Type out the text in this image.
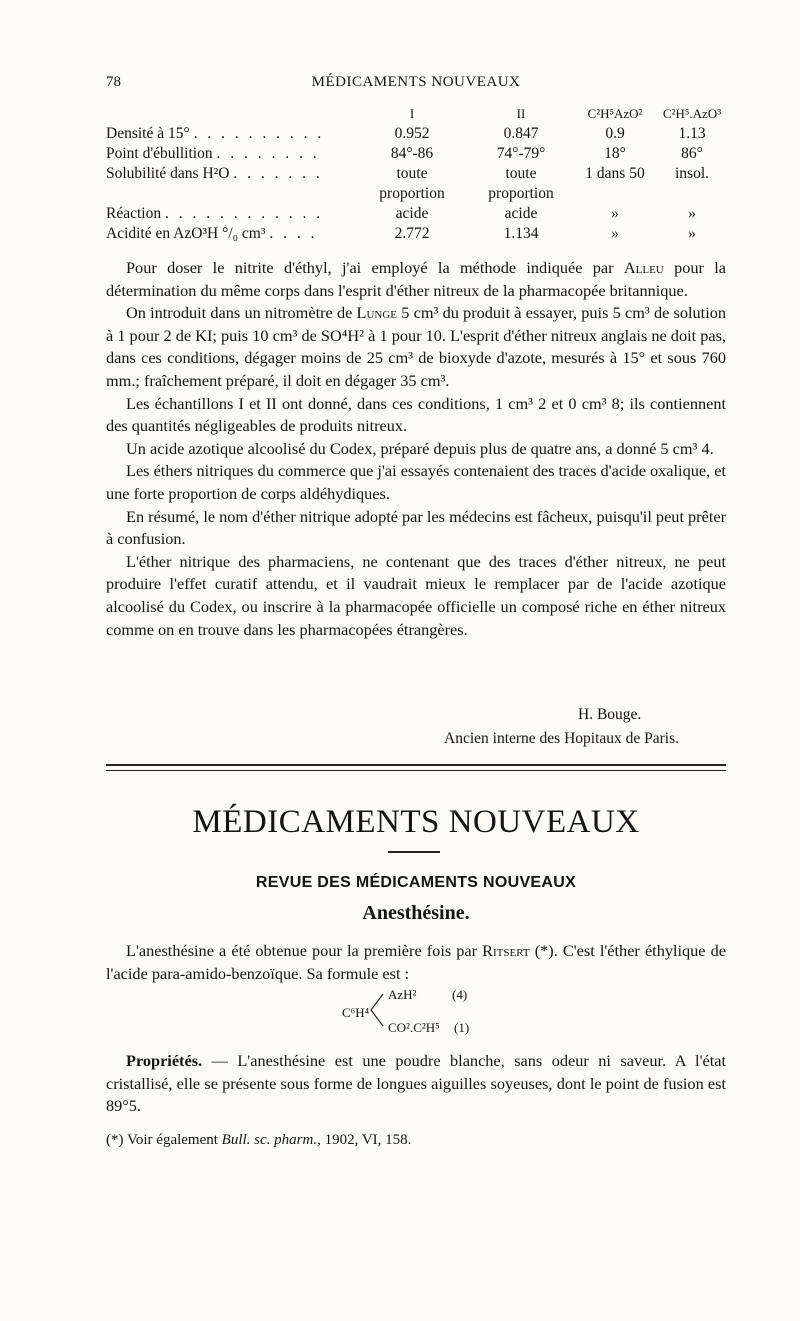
78	MÉDICAMENTS NOUVEAUX
	I	II	C²H⁵AzO²	C²H⁵.AzO³
Densité à 15° . . . . . . . . . .	0.952	0.847	0.9	1.13
Point d'ébullition . . . . . . . .	84°-86	74°-79°	18°	86°
Solubilité dans H²O . . . . . . .	toute	toute	1 dans 50	insol.
	proportion	proportion		
Réaction . . . . . . . . . . . .	acide	acide	»	»
Acidité en AzO³H °/₀ cm³ . . . .	2.772	1.134	»	»

Pour doser le nitrite d'éthyl, j'ai employé la méthode indiquée par Alleu pour la détermination du même corps dans l'esprit d'éther nitreux de la pharmacopée britannique.

On introduit dans un nitromètre de Lunge 5 cm³ du produit à essayer, puis 5 cm³ de solution à 1 pour 2 de KI; puis 10 cm³ de SO⁴H² à 1 pour 10. L'esprit d'éther nitreux anglais ne doit pas, dans ces conditions, dégager moins de 25 cm³ de bioxyde d'azote, mesurés à 15° et sous 760 mm.; fraîchement préparé, il doit en dégager 35 cm³.

Les échantillons I et II ont donné, dans ces conditions, 1 cm³ 2 et 0 cm³ 8; ils contiennent des quantités négligeables de produits nitreux.

Un acide azotique alcoolisé du Codex, préparé depuis plus de quatre ans, a donné 5 cm³ 4.

Les éthers nitriques du commerce que j'ai essayés contenaient des traces d'acide oxalique, et une forte proportion de corps aldéhydiques.

En résumé, le nom d'éther nitrique adopté par les médecins est fâcheux, puisqu'il peut prêter à confusion.

L'éther nitrique des pharmaciens, ne contenant que des traces d'éther nitreux, ne peut produire l'effet curatif attendu, et il vaudrait mieux le remplacer par de l'acide azotique alcoolisé du Codex, ou inscrire à la pharmacopée officielle un composé riche en éther nitreux comme on en trouve dans les pharmacopées étrangères.

H. Bouge.
Ancien interne des Hopitaux de Paris.
MÉDICAMENTS NOUVEAUX
REVUE DES MÉDICAMENTS NOUVEAUX
Anesthésine.

L'anesthésine a été obtenue pour la première fois par Ritsert (*). C'est l'éther éthylique de l'acide para-amido-benzoïque. Sa formule est :

C⁶H⁴
AzH²	(4)
CO².C²H⁵ (1)

Propriétés. — L'anesthésine est une poudre blanche, sans odeur ni saveur. A l'état cristallisé, elle se présente sous forme de longues aiguilles soyeuses, dont le point de fusion est 89°5.

(*) Voir également Bull. sc. pharm., 1902, VI, 158.
